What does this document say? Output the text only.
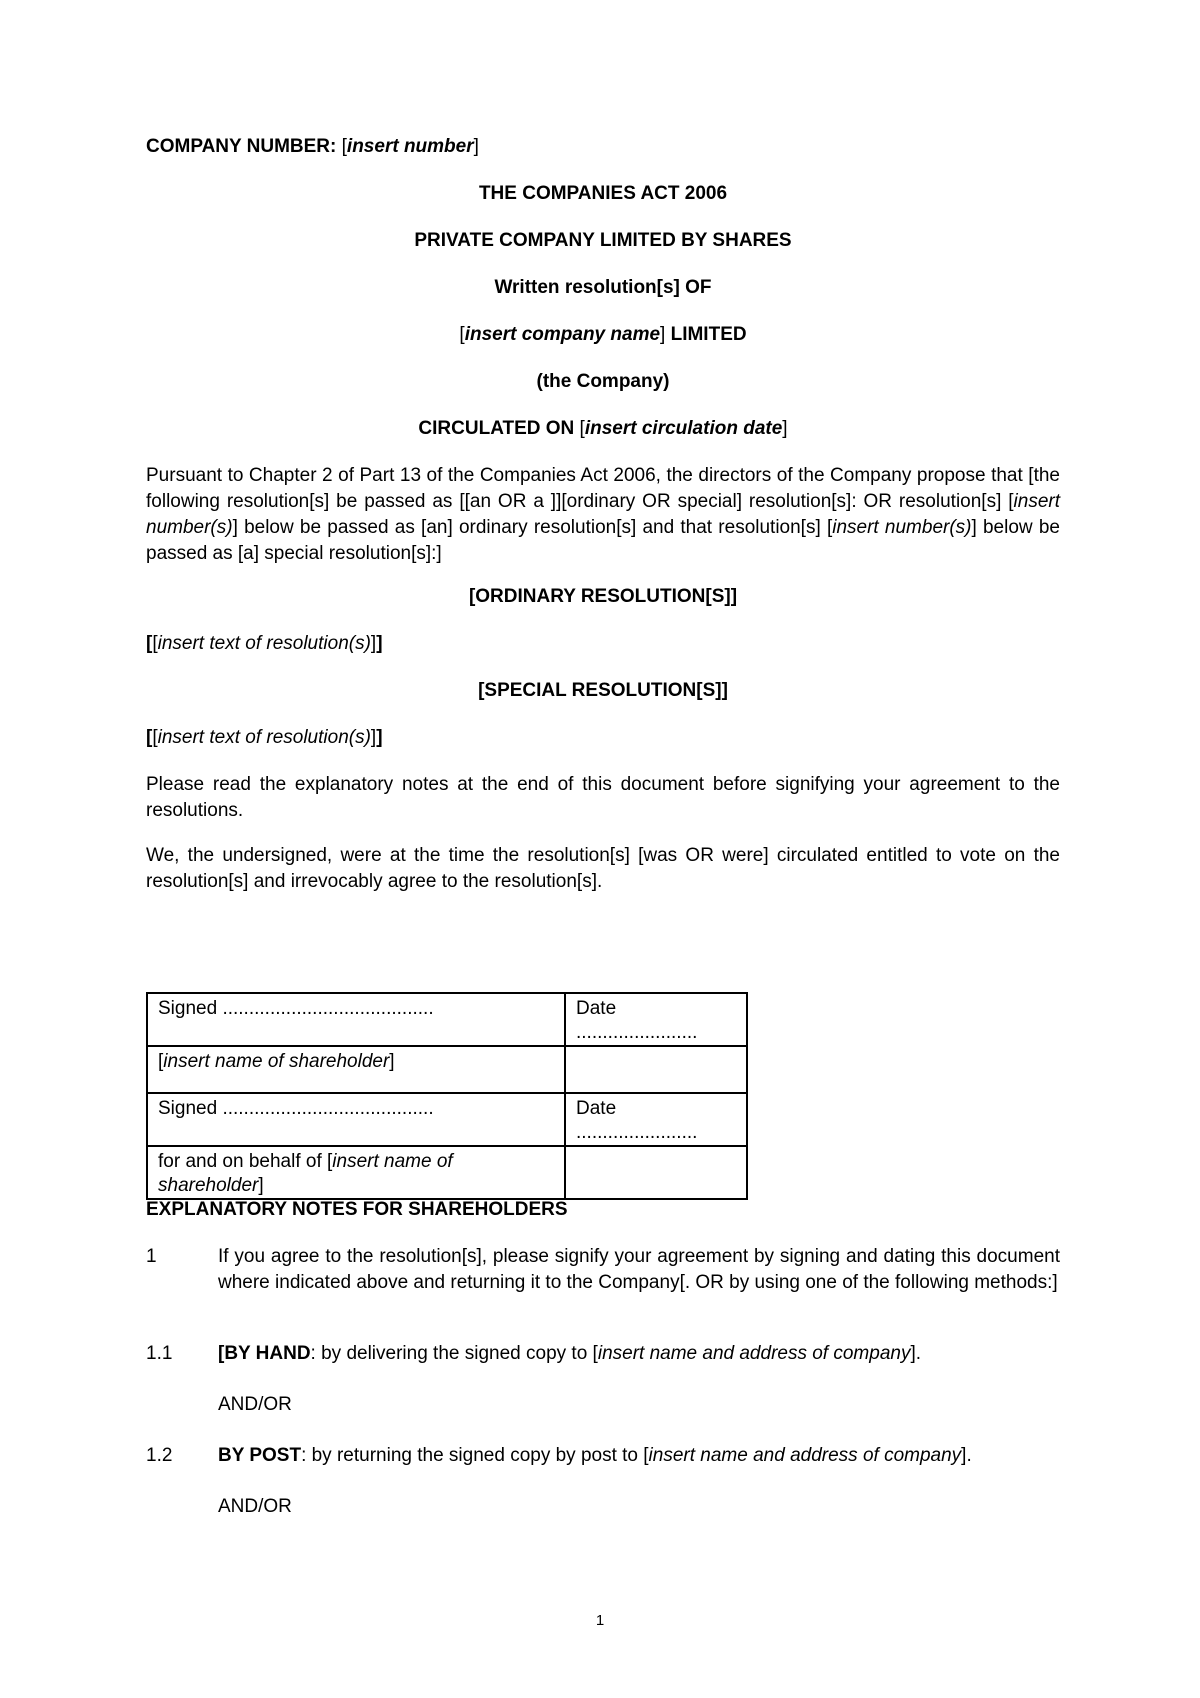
COMPANY NUMBER: [insert number]
THE COMPANIES ACT 2006
PRIVATE COMPANY LIMITED BY SHARES
Written resolution[s] OF
[insert company name] LIMITED
(the Company)
CIRCULATED ON [insert circulation date]
Pursuant to Chapter 2 of Part 13 of the Companies Act 2006, the directors of the Company propose that [the following resolution[s] be passed as [[an OR a ]][ordinary OR special] resolution[s]: OR resolution[s] [insert number(s)] below be passed as [an] ordinary resolution[s] and that resolution[s] [insert number(s)] below be passed as [a] special resolution[s]:]
[ORDINARY RESOLUTION[S]]
[[insert text of resolution(s)]]
[SPECIAL RESOLUTION[S]]
[[insert text of resolution(s)]]
Please read the explanatory notes at the end of this document before signifying your agreement to the resolutions.
We, the undersigned, were at the time the resolution[s] [was OR were] circulated entitled to vote on the resolution[s] and irrevocably agree to the resolution[s].
Signed ........................................	Date .......................
[insert name of shareholder]	
Signed ........................................	Date .......................
for and on behalf of [insert name of shareholder]	
EXPLANATORY NOTES FOR SHAREHOLDERS
1	If you agree to the resolution[s], please signify your agreement by signing and dating this document where indicated above and returning it to the Company[. OR by using one of the following methods:]
1.1 [BY HAND: by delivering the signed copy to [insert name and address of company].
AND/OR
1.2 BY POST: by returning the signed copy by post to [insert name and address of company].
AND/OR
1
